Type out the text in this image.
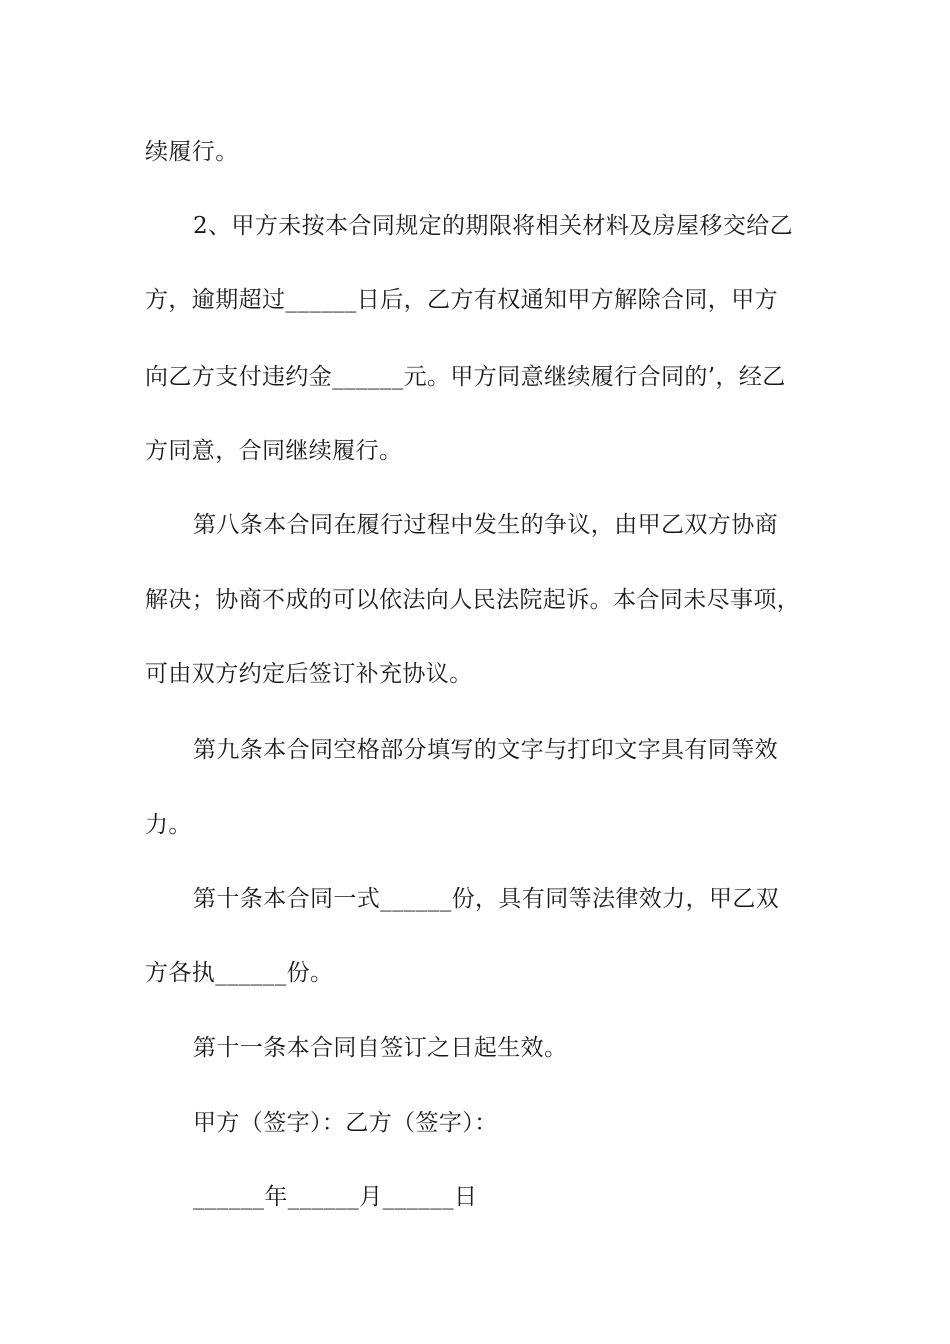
续履行。
2、甲方未按本合同规定的期限将相关材料及房屋移交给乙
方，逾期超过______日后，乙方有权通知甲方解除合同，甲方
向乙方支付违约金______元。甲方同意继续履行合同的’，经乙
方同意，合同继续履行。
第八条本合同在履行过程中发生的争议，由甲乙双方协商
解决；协商不成的可以依法向人民法院起诉。本合同未尽事项，
可由双方约定后签订补充协议。
第九条本合同空格部分填写的文字与打印文字具有同等效
力。
第十条本合同一式______份，具有同等法律效力，甲乙双
方各执______份。
第十一条本合同自签订之日起生效。
甲方（签字）：乙方（签字）：
______年______月______日
